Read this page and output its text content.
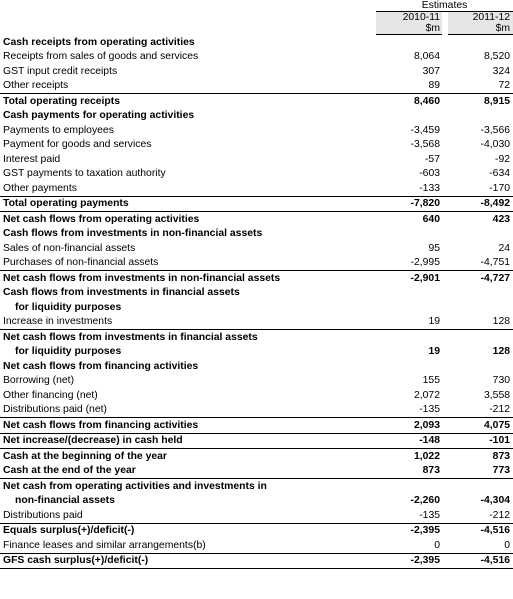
	Estimates		
	2010-11		2011-12
	$m		$m
Cash receipts from operating activities			
Receipts from sales of goods and services	8,064		8,520
GST input credit receipts	307		324
Other receipts	89		72
Total operating receipts	8,460		8,915
Cash payments for operating activities			
Payments to employees	-3,459		-3,566
Payment for goods and services	-3,568		-4,030
Interest paid	-57		-92
GST payments to taxation authority	-603		-634
Other payments	-133		-170
Total operating payments	-7,820		-8,492
Net cash flows from operating activities	640		423
Cash flows from investments in non-financial assets			
Sales of non-financial assets	95		24
Purchases of non-financial assets	-2,995		-4,751
Net cash flows from investments in non-financial assets	-2,901		-4,727
Cash flows from investments in financial assets			
for liquidity purposes			
Increase in investments	19		128
Net cash flows from investments in financial assets			
for liquidity purposes	19		128
Net cash flows from financing activities			
Borrowing (net)	155		730
Other financing (net)	2,072		3,558
Distributions paid (net)	-135		-212
Net cash flows from financing activities	2,093		4,075
Net increase/(decrease) in cash held	-148		-101
Cash at the beginning of the year	1,022		873
Cash at the end of the year	873		773
Net cash from operating activities and investments in			
non-financial assets	-2,260		-4,304
Distributions paid	-135		-212
Equals surplus(+)/deficit(-)	-2,395		-4,516
Finance leases and similar arrangements(b)	0		0
GFS cash surplus(+)/deficit(-)	-2,395		-4,516
